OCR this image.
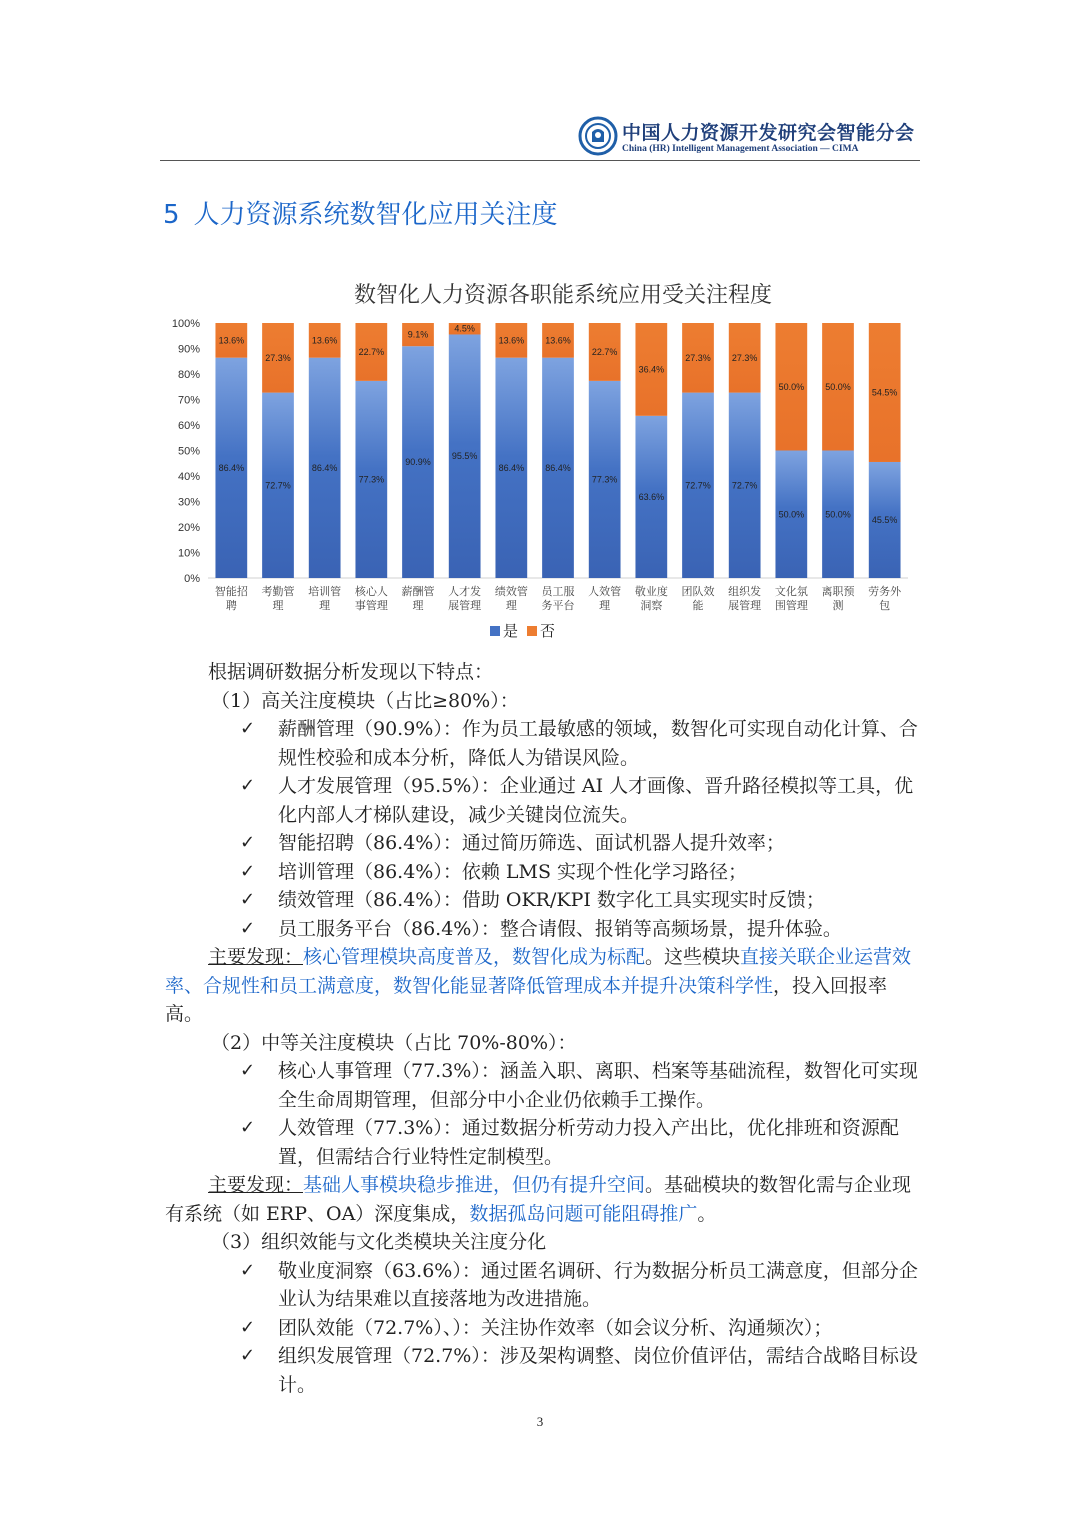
中国人力资源开发研究会智能分会
China (HR) Intelligent Management Association — CIMA
5 人力资源系统数智化应用关注度
数智化人力资源各职能系统应用受关注程度
0%
10%
20%
30%
40%
50%
60%
70%
80%
90%
100%
86.4%
13.6%
72.7%
27.3%
86.4%
13.6%
77.3%
22.7%
90.9%
9.1%
95.5%
4.5%
86.4%
13.6%
86.4%
13.6%
77.3%
22.7%
63.6%
36.4%
72.7%
27.3%
72.7%
27.3%
50.0%
50.0%
50.0%
50.0%
45.5%
54.5%
智能招
聘
考勤管
理
培训管
理
核心人
事管理
薪酬管
理
人才发
展管理
绩效管
理
员工服
务平台
人效管
理
敬业度
洞察
团队效
能
组织发
展管理
文化氛
围管理
离职预
测
劳务外
包
是 否

根据调研数据分析发现以下特点：

（1）高关注度模块（占比≥80%）：

✓	薪酬管理（90.9%）：作为员工最敏感的领域，数智化可实现自动化计算、合规性校验和成本分析，降低人为错误风险。
✓	人才发展管理（95.5%）：企业通过 AI 人才画像、晋升路径模拟等工具，优化内部人才梯队建设，减少关键岗位流失。
✓	智能招聘（86.4%）：通过简历筛选、面试机器人提升效率；
✓	培训管理（86.4%）：依赖 LMS 实现个性化学习路径；
✓	绩效管理（86.4%）：借助 OKR/KPI 数字化工具实现实时反馈；
✓	员工服务平台（86.4%）：整合请假、报销等高频场景，提升体验。

主要发现：核心管理模块高度普及，数智化成为标配。这些模块直接关联企业运营效率、合规性和员工满意度，数智化能显著降低管理成本并提升决策科学性，投入回报率高。

（2）中等关注度模块（占比 70%-80%）：

✓	核心人事管理（77.3%）：涵盖入职、离职、档案等基础流程，数智化可实现全生命周期管理，但部分中小企业仍依赖手工操作。
✓	人效管理（77.3%）：通过数据分析劳动力投入产出比，优化排班和资源配置，但需结合行业特性定制模型。

主要发现：基础人事模块稳步推进，但仍有提升空间。基础模块的数智化需与企业现有系统（如 ERP、OA）深度集成，数据孤岛问题可能阻碍推广。

（3）组织效能与文化类模块关注度分化

✓	敬业度洞察（63.6%）：通过匿名调研、行为数据分析员工满意度，但部分企业认为结果难以直接落地为改进措施。
✓	团队效能（72.7%）、）：关注协作效率（如会议分析、沟通频次）；
✓	组织发展管理（72.7%）：涉及架构调整、岗位价值评估，需结合战略目标设计。
3
